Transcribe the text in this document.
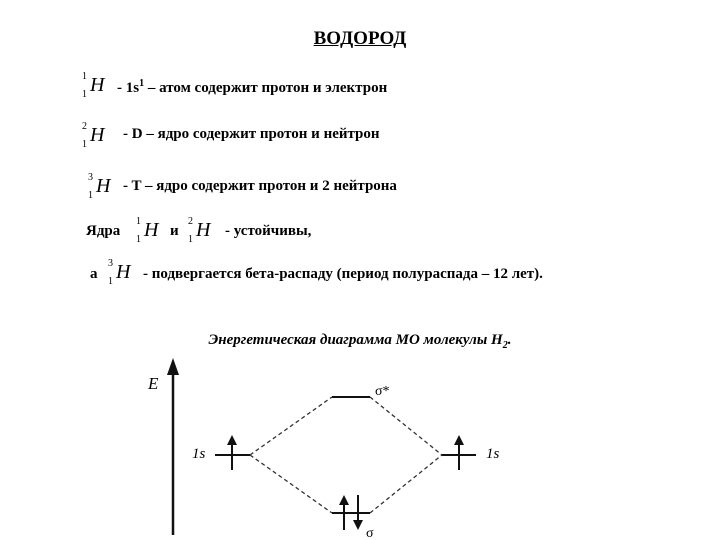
ВОДОРОД
1
1 H - $1s^1$ – атом содержит протон и электрон
2
1 H - D – ядро содержит протон и нейтрон
3
1 H - T – ядро содержит протон и 2 нейтрона
Ядра
1
1 H и
2
1 H - устойчивы,
а
3
1 H - подвергается бета-распаду (период полураспада – 12 лет).
Энергетическая диаграмма МО молекулы $Н_2$.
E
1s	1s
σ*
σ
